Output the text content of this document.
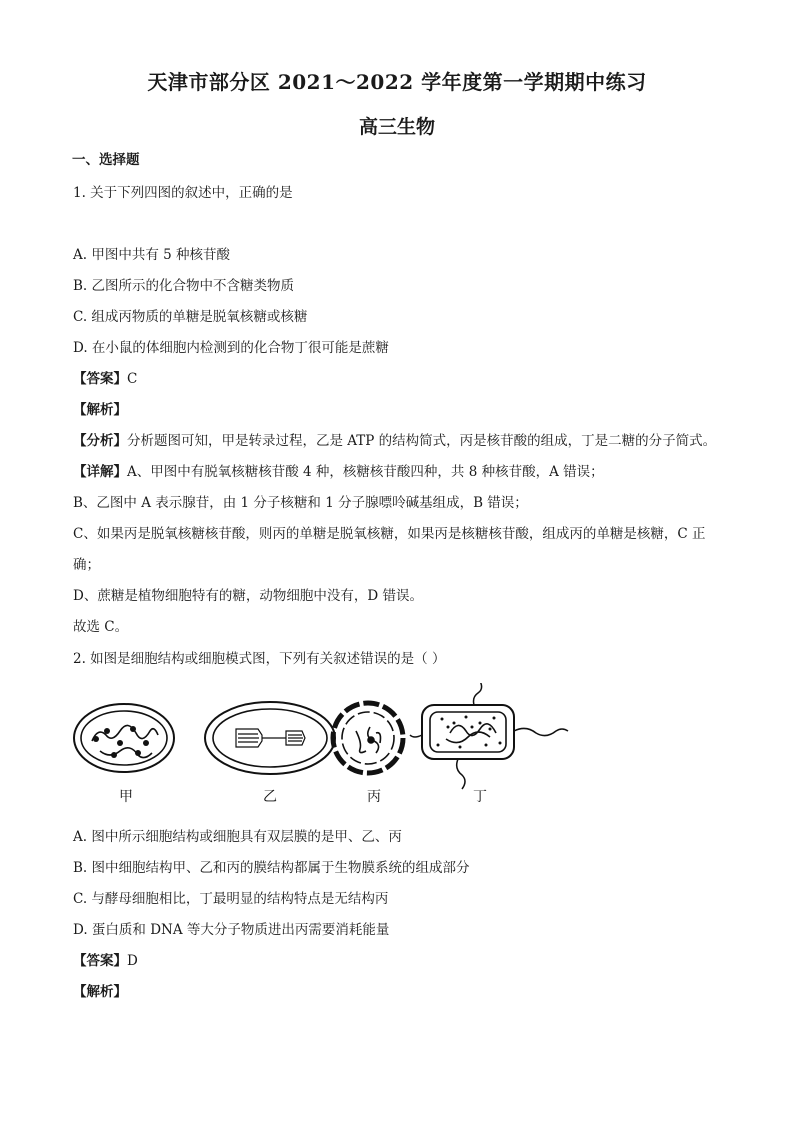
天津市部分区 2021～2022 学年度第一学期期中练习
高三生物
一、选择题
1. 关于下列四图的叙述中，正确的是
A. 甲图中共有 5 种核苷酸
B. 乙图所示的化合物中不含糖类物质
C. 组成丙物质的单糖是脱氧核糖或核糖
D. 在小鼠的体细胞内检测到的化合物丁很可能是蔗糖
【答案】C
【解析】
【分析】分析题图可知，甲是转录过程，乙是 ATP 的结构简式，丙是核苷酸的组成，丁是二糖的分子简式。
【详解】A、甲图中有脱氧核糖核苷酸 4 种，核糖核苷酸四种，共 8 种核苷酸，A 错误；
B、乙图中 A 表示腺苷，由 1 分子核糖和 1 分子腺嘌呤碱基组成，B 错误；
C、如果丙是脱氧核糖核苷酸，则丙的单糖是脱氧核糖，如果丙是核糖核苷酸，组成丙的单糖是核糖，C 正
确；
D、蔗糖是植物细胞特有的糖，动物细胞中没有，D 错误。
故选 C。
2. 如图是细胞结构或细胞模式图，下列有关叙述错误的是（ ）
甲	乙	丙	丁
A. 图中所示细胞结构或细胞具有双层膜的是甲、乙、丙
B. 图中细胞结构甲、乙和丙的膜结构都属于生物膜系统的组成部分
C. 与酵母细胞相比，丁最明显的结构特点是无结构丙
D. 蛋白质和 DNA 等大分子物质进出丙需要消耗能量
【答案】D
【解析】
